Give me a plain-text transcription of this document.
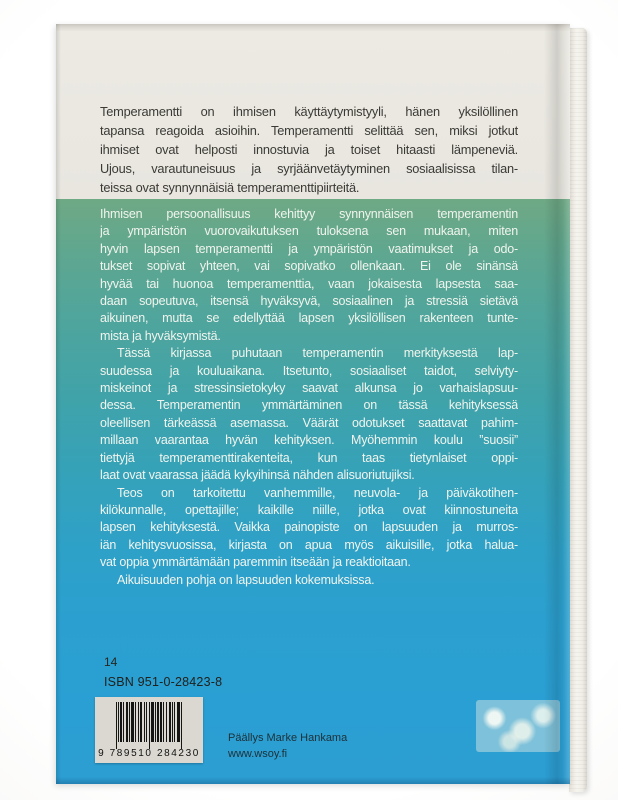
Temperamentti on ihmisen käyttäytymistyyli, hänen yksilöllinen
tapansa reagoida asioihin. Temperamentti selittää sen, miksi jotkut
ihmiset ovat helposti innostuvia ja toiset hitaasti lämpeneviä.
Ujous, varautuneisuus ja syrjäänvetäytyminen sosiaalisissa tilan-
teissa ovat synnynnäisiä temperamenttipiirteitä.
Ihmisen persoonallisuus kehittyy synnynnäisen temperamentin
ja ympäristön vuorovaikutuksen tuloksena sen mukaan, miten
hyvin lapsen temperamentti ja ympäristön vaatimukset ja odo-
tukset sopivat yhteen, vai sopivatko ollenkaan. Ei ole sinänsä
hyvää tai huonoa temperamenttia, vaan jokaisesta lapsesta saa-
daan sopeutuva, itsensä hyväksyvä, sosiaalinen ja stressiä sietävä
aikuinen, mutta se edellyttää lapsen yksilöllisen rakenteen tunte-
mista ja hyväksymistä.
Tässä kirjassa puhutaan temperamentin merkityksestä lap-
suudessa ja kouluaikana. Itsetunto, sosiaaliset taidot, selviyty-
miskeinot ja stressinsietokyky saavat alkunsa jo varhaislapsuu-
dessa. Temperamentin ymmärtäminen on tässä kehityksessä
oleellisen tärkeässä asemassa. Väärät odotukset saattavat pahim-
millaan vaarantaa hyvän kehityksen. Myöhemmin koulu ”suosii”
tiettyjä temperamenttirakenteita, kun taas tietynlaiset oppi-
laat ovat vaarassa jäädä kykyihinsä nähden alisuoriutujiksi.
Teos on tarkoitettu vanhemmille, neuvola- ja päiväkotihen-
kilökunnalle, opettajille; kaikille niille, jotka ovat kiinnostuneita
lapsen kehityksestä. Vaikka painopiste on lapsuuden ja murros-
iän kehitysvuosissa, kirjasta on apua myös aikuisille, jotka halua-
vat oppia ymmärtämään paremmin itseään ja reaktioitaan.
Aikuisuuden pohja on lapsuuden kokemuksissa.
14
ISBN 951-0-28423-8
9 789510 284230
Päällys Marke Hankama
www.wsoy.fi
